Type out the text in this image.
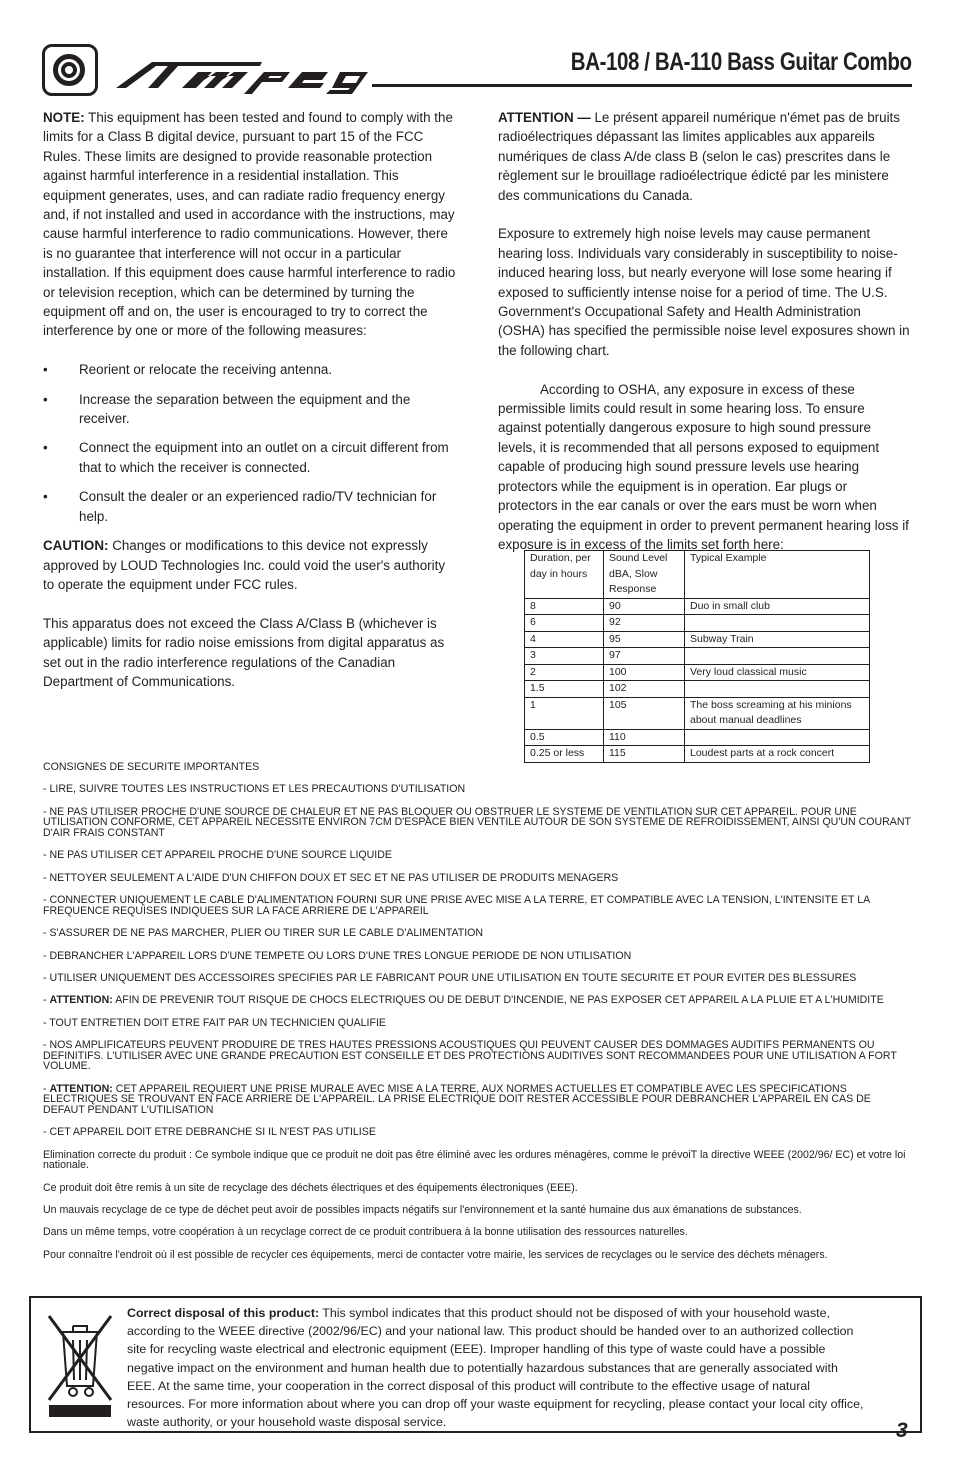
BA-108 / BA-110 Bass Guitar Combo

NOTE: This equipment has been tested and found to comply with the limits for a Class B digital device, pursuant to part 15 of the FCC Rules. These limits are designed to provide reasonable protection against harmful interference in a residential installation. This equipment generates, uses, and can radiate radio frequency energy and, if not installed and used in accordance with the instructions, may cause harmful interference to radio communications. However, there is no guarantee that interference will not occur in a particular installation. If this equipment does cause harmful interference to radio or television reception, which can be determined by turning the equipment off and on, the user is encouraged to try to correct the interference by one or more of the following measures:

• Reorient or relocate the receiving antenna.
• Increase the separation between the equipment and the receiver.
• Connect the equipment into an outlet on a circuit different from that to which the receiver is connected.
• Consult the dealer or an experienced radio/TV technician for help.

CAUTION: Changes or modifications to this device not expressly approved by LOUD Technologies Inc. could void the user's authority to operate the equipment under FCC rules.

This apparatus does not exceed the Class A/Class B (whichever is applicable) limits for radio noise emissions from digital apparatus as set out in the radio interference regulations of the Canadian Department of Communications.

ATTENTION — Le présent appareil numérique n'émet pas de bruits radioélectriques dépassant las limites applicables aux appareils numériques de class A/de class B (selon le cas) prescrites dans le règlement sur le brouillage radioélectrique édicté par les ministere des communications du Canada.

Exposure to extremely high noise levels may cause permanent hearing loss. Individuals vary considerably in susceptibility to noise-induced hearing loss, but nearly everyone will lose some hearing if exposed to sufficiently intense noise for a period of time. The U.S. Government's Occupational Safety and Health Administration (OSHA) has specified the permissible noise level exposures shown in the following chart.

According to OSHA, any exposure in excess of these permissible limits could result in some hearing loss. To ensure against potentially dangerous exposure to high sound pressure levels, it is recommended that all persons exposed to equipment capable of producing high sound pressure levels use hearing protectors while the equipment is in operation. Ear plugs or protectors in the ear canals or over the ears must be worn when operating the equipment in order to prevent permanent hearing loss if exposure is in excess of the limits set forth here:

Duration, per day in hours	Sound Level dBA, Slow Response	Typical Example
8	90	Duo in small club
6	92	
4	95	Subway Train
3	97	
2	100	Very loud classical music
1.5	102	
1	105	The boss screaming at his minions about manual deadlines
0.5	110	
0.25 or less	115	Loudest parts at a rock concert

CONSIGNES DE SECURITE IMPORTANTES

- LIRE, SUIVRE TOUTES LES INSTRUCTIONS ET LES PRECAUTIONS D'UTILISATION

- NE PAS UTILISER PROCHE D'UNE SOURCE DE CHALEUR ET NE PAS BLOQUER OU OBSTRUER LE SYSTEME DE VENTILATION SUR CET APPAREIL. POUR UNE UTILISATION CONFORME, CET APPAREIL NECESSITE ENVIRON 7CM D'ESPACE BIEN VENTILE AUTOUR DE SON SYSTEME DE REFROIDISSEMENT, AINSI QU'UN COURANT D'AIR FRAIS CONSTANT

- NE PAS UTILISER CET APPAREIL PROCHE D'UNE SOURCE LIQUIDE

- NETTOYER SEULEMENT A L'AIDE D'UN CHIFFON DOUX ET SEC ET NE PAS UTILISER DE PRODUITS MENAGERS

- CONNECTER UNIQUEMENT LE CABLE D'ALIMENTATION FOURNI SUR UNE PRISE AVEC MISE A LA TERRE, ET COMPATIBLE AVEC LA TENSION, L'INTENSITE ET LA FREQUENCE REQUISES INDIQUEES SUR LA FACE ARRIERE DE L'APPAREIL

- S'ASSURER DE NE PAS MARCHER, PLIER OU TIRER SUR LE CABLE D'ALIMENTATION

- DEBRANCHER L'APPAREIL LORS D'UNE TEMPETE OU LORS D'UNE TRES LONGUE PERIODE DE NON UTILISATION

- UTILISER UNIQUEMENT DES ACCESSOIRES SPECIFIES PAR LE FABRICANT POUR UNE UTILISATION EN TOUTE SECURITE ET POUR EVITER DES BLESSURES

- ATTENTION: AFIN DE PREVENIR TOUT RISQUE DE CHOCS ELECTRIQUES OU DE DEBUT D'INCENDIE, NE PAS EXPOSER CET APPAREIL A LA PLUIE ET A L'HUMIDITE

- TOUT ENTRETIEN DOIT ETRE FAIT PAR UN TECHNICIEN QUALIFIE

- NOS AMPLIFICATEURS PEUVENT PRODUIRE DE TRES HAUTES PRESSIONS ACOUSTIQUES QUI PEUVENT CAUSER DES DOMMAGES AUDITIFS PERMANENTS OU DEFINITIFS. L'UTILISER AVEC UNE GRANDE PRECAUTION EST CONSEILLE ET DES PROTECTIONS AUDITIVES SONT RECOMMANDEES POUR UNE UTILISATION A FORT VOLUME.

- ATTENTION: CET APPAREIL REQUIERT UNE PRISE MURALE AVEC MISE A LA TERRE, AUX NORMES ACTUELLES ET COMPATIBLE AVEC LES SPECIFICATIONS ELECTRIQUES SE TROUVANT EN FACE ARRIERE DE L'APPAREIL. LA PRISE ELECTRIQUE DOIT RESTER ACCESSIBLE POUR DEBRANCHER L'APPAREIL EN CAS DE DEFAUT PENDANT L'UTILISATION

- CET APPAREIL DOIT ETRE DEBRANCHE SI IL N'EST PAS UTILISE

Elimination correcte du produit : Ce symbole indique que ce produit ne doit pas être éliminé avec les ordures ménagères, comme le prévoiT la directive WEEE (2002/96/ EC) et votre loi nationale.

Ce produit doit être remis à un site de recyclage des déchets électriques et des équipements électroniques (EEE).

Un mauvais recyclage de ce type de déchet peut avoir de possibles impacts négatifs sur l'environnement et la santé humaine dus aux émanations de substances.

Dans un même temps, votre coopération à un recyclage correct de ce produit contribuera à la bonne utilisation des ressources naturelles.

Pour connaître l'endroit où il est possible de recycler ces équipements, merci de contacter votre mairie, les services de recyclages ou le service des déchets ménagers.

Correct disposal of this product: This symbol indicates that this product should not be disposed of with your household waste, according to the WEEE directive (2002/96/EC) and your national law. This product should be handed over to an authorized collection site for recycling waste electrical and electronic equipment (EEE). Improper handling of this type of waste could have a possible negative impact on the environment and human health due to potentially hazardous substances that are generally associated with EEE. At the same time, your cooperation in the correct disposal of this product will contribute to the effective usage of natural resources. For more information about where you can drop off your waste equipment for recycling, please contact your local city office, waste authority, or your household waste disposal service.	3
